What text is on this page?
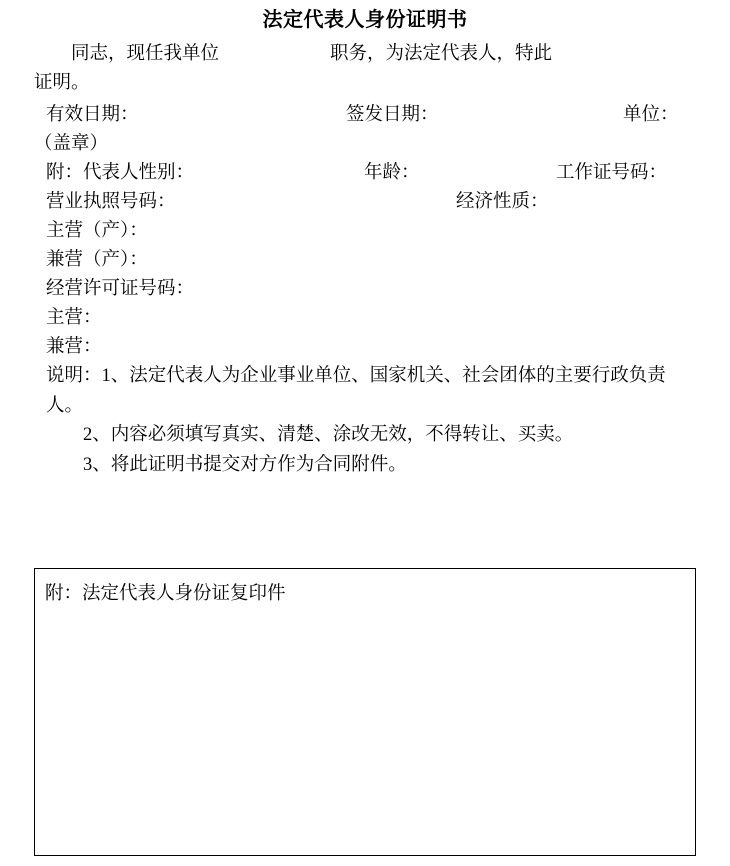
法定代表人身份证明书
同志，现任我单位　　　　　　	职务，为法定代表人，特此
证明。
有效日期：	签发日期：	单位：
（盖章）
附：代表人性别：	年龄：	工作证号码：
营业执照号码：	经济性质：
主营（产）：
兼营（产）：
经营许可证号码：
主营：
兼营：
说明：1、法定代表人为企业事业单位、国家机关、社会团体的主要行政负责人。
2、内容必须填写真实、清楚、涂改无效，不得转让、买卖。
3、将此证明书提交对方作为合同附件。
附：法定代表人身份证复印件
